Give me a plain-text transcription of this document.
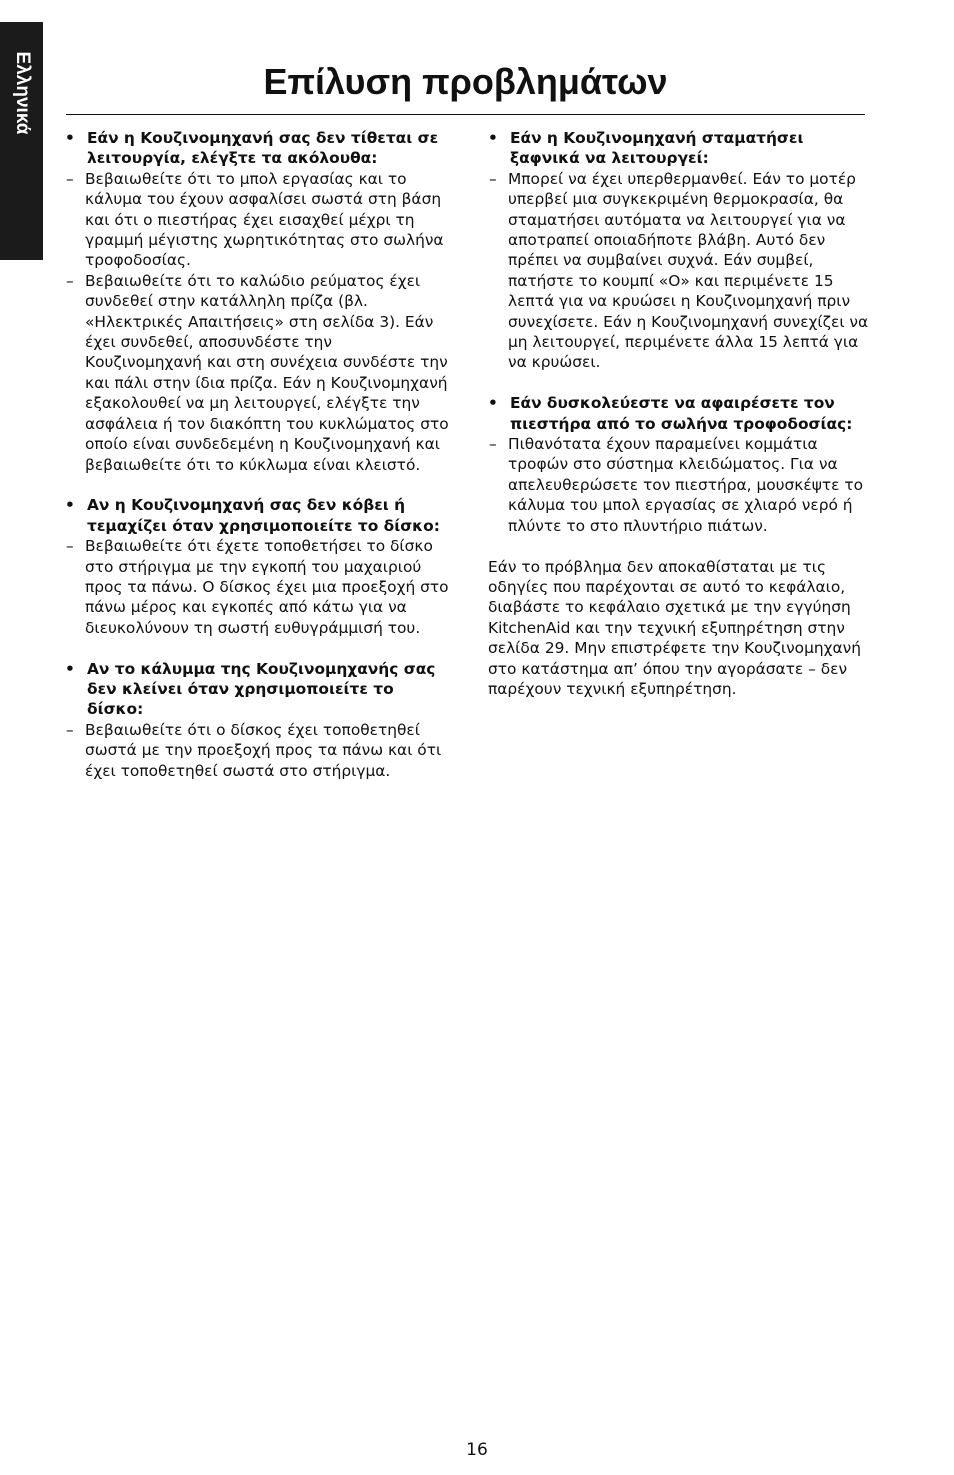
Ελληνικά	Επίλυση προβλημάτων
• Εάν η Κουζινομηχανή σας δεν τίθεται σε λειτουργία, ελέγξτε τα ακόλουθα:
– Βεβαιωθείτε ότι το μπολ εργασίας και το κάλυμα του έχουν ασφαλίσει σωστά στη βάση και ότι ο πιεστήρας έχει εισαχθεί μέχρι τη γραμμή μέγιστης χωρητικότητας στο σωλήνα τροφοδοσίας.
– Βεβαιωθείτε ότι το καλώδιο ρεύματος έχει συνδεθεί στην κατάλληλη πρίζα (βλ. «Ηλεκτρικές Απαιτήσεις» στη σελίδα 3). Εάν έχει συνδεθεί, αποσυνδέστε την Κουζινομηχανή και στη συνέχεια συνδέστε την και πάλι στην ίδια πρίζα. Εάν η Κουζινομηχανή εξακολουθεί να μη λειτουργεί, ελέγξτε την ασφάλεια ή τον διακόπτη του κυκλώματος στο οποίο είναι συνδεδεμένη η Κουζινομηχανή και βεβαιωθείτε ότι το κύκλωμα είναι κλειστό.
• Αν η Κουζινομηχανή σας δεν κόβει ή τεμαχίζει όταν χρησιμοποιείτε το δίσκο:
– Βεβαιωθείτε ότι έχετε τοποθετήσει το δίσκο στο στήριγμα με την εγκοπή του μαχαιριού προς τα πάνω. Ο δίσκος έχει μια προεξοχή στο πάνω μέρος και εγκοπές από κάτω για να διευκολύνουν τη σωστή ευθυγράμμισή του.
• Αν το κάλυμμα της Κουζινομηχανής σας δεν κλείνει όταν χρησιμοποιείτε το δίσκο:
– Βεβαιωθείτε ότι ο δίσκος έχει τοποθετηθεί σωστά με την προεξοχή προς τα πάνω και ότι έχει τοποθετηθεί σωστά στο στήριγμα.
• Εάν η Κουζινομηχανή σταματήσει ξαφνικά να λειτουργεί:
– Μπορεί να έχει υπερθερμανθεί. Εάν το μοτέρ υπερβεί μια συγκεκριμένη θερμοκρασία, θα σταματήσει αυτόματα να λειτουργεί για να αποτραπεί οποιαδήποτε βλάβη. Αυτό δεν πρέπει να συμβαίνει συχνά. Εάν συμβεί, πατήστε το κουμπί «O» και περιμένετε 15 λεπτά για να κρυώσει η Κουζινομηχανή πριν συνεχίσετε. Εάν η Κουζινομηχανή συνεχίζει να μη λειτουργεί, περιμένετε άλλα 15 λεπτά για να κρυώσει.
• Εάν δυσκολεύεστε να αφαιρέσετε τον πιεστήρα από το σωλήνα τροφοδοσίας:
– Πιθανότατα έχουν παραμείνει κομμάτια τροφών στο σύστημα κλειδώματος. Για να απελευθερώσετε τον πιεστήρα, μουσκέψτε το κάλυμα του μπολ εργασίας σε χλιαρό νερό ή πλύντε το στο πλυντήριο πιάτων.

Εάν το πρόβλημα δεν αποκαθίσταται με τις οδηγίες που παρέχονται σε αυτό το κεφάλαιο, διαβάστε το κεφάλαιο σχετικά με την εγγύηση KitchenAid και την τεχνική εξυπηρέτηση στην σελίδα 29. Μην επιστρέφετε την Κουζινομηχανή στο κατάστημα απ’ όπου την αγοράσατε – δεν παρέχουν τεχνική εξυπηρέτηση.

16
